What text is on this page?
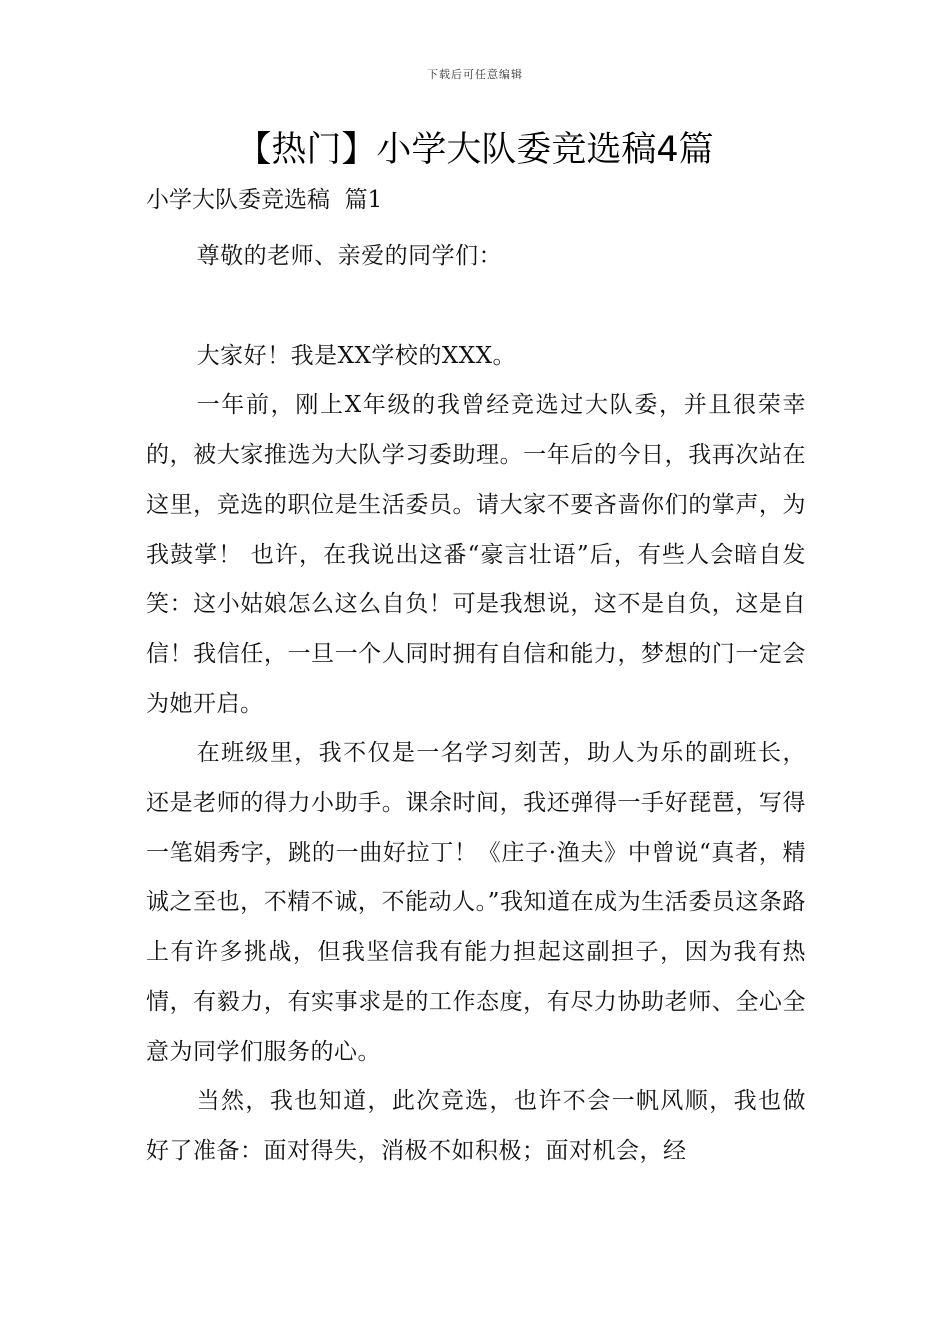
下载后可任意编辑
【热门】小学大队委竞选稿4篇
小学大队委竞选稿  篇1

尊敬的老师、亲爱的同学们：

大家好！我是XX学校的XXX。

一年前，刚上X年级的我曾经竞选过大队委，并且很荣幸的，被大家推选为大队学习委助理。一年后的今日，我再次站在这里，竞选的职位是生活委员。请大家不要吝啬你们的掌声，为我鼓掌！ 也许，在我说出这番“豪言壮语”后，有些人会暗自发笑：这小姑娘怎么这么自负！可是我想说，这不是自负，这是自信！我信任，一旦一个人同时拥有自信和能力，梦想的门一定会为她开启。

在班级里，我不仅是一名学习刻苦，助人为乐的副班长，还是老师的得力小助手。课余时间，我还弹得一手好琵琶，写得一笔娟秀字，跳的一曲好拉丁！《庄子·渔夫》中曾说“真者，精诚之至也，不精不诚，不能动人。”我知道在成为生活委员这条路上有许多挑战，但我坚信我有能力担起这副担子，因为我有热情，有毅力，有实事求是的工作态度，有尽力协助老师、全心全意为同学们服务的心。

当然，我也知道，此次竞选，也许不会一帆风顺，我也做好了准备：面对得失，消极不如积极；面对机会，经
